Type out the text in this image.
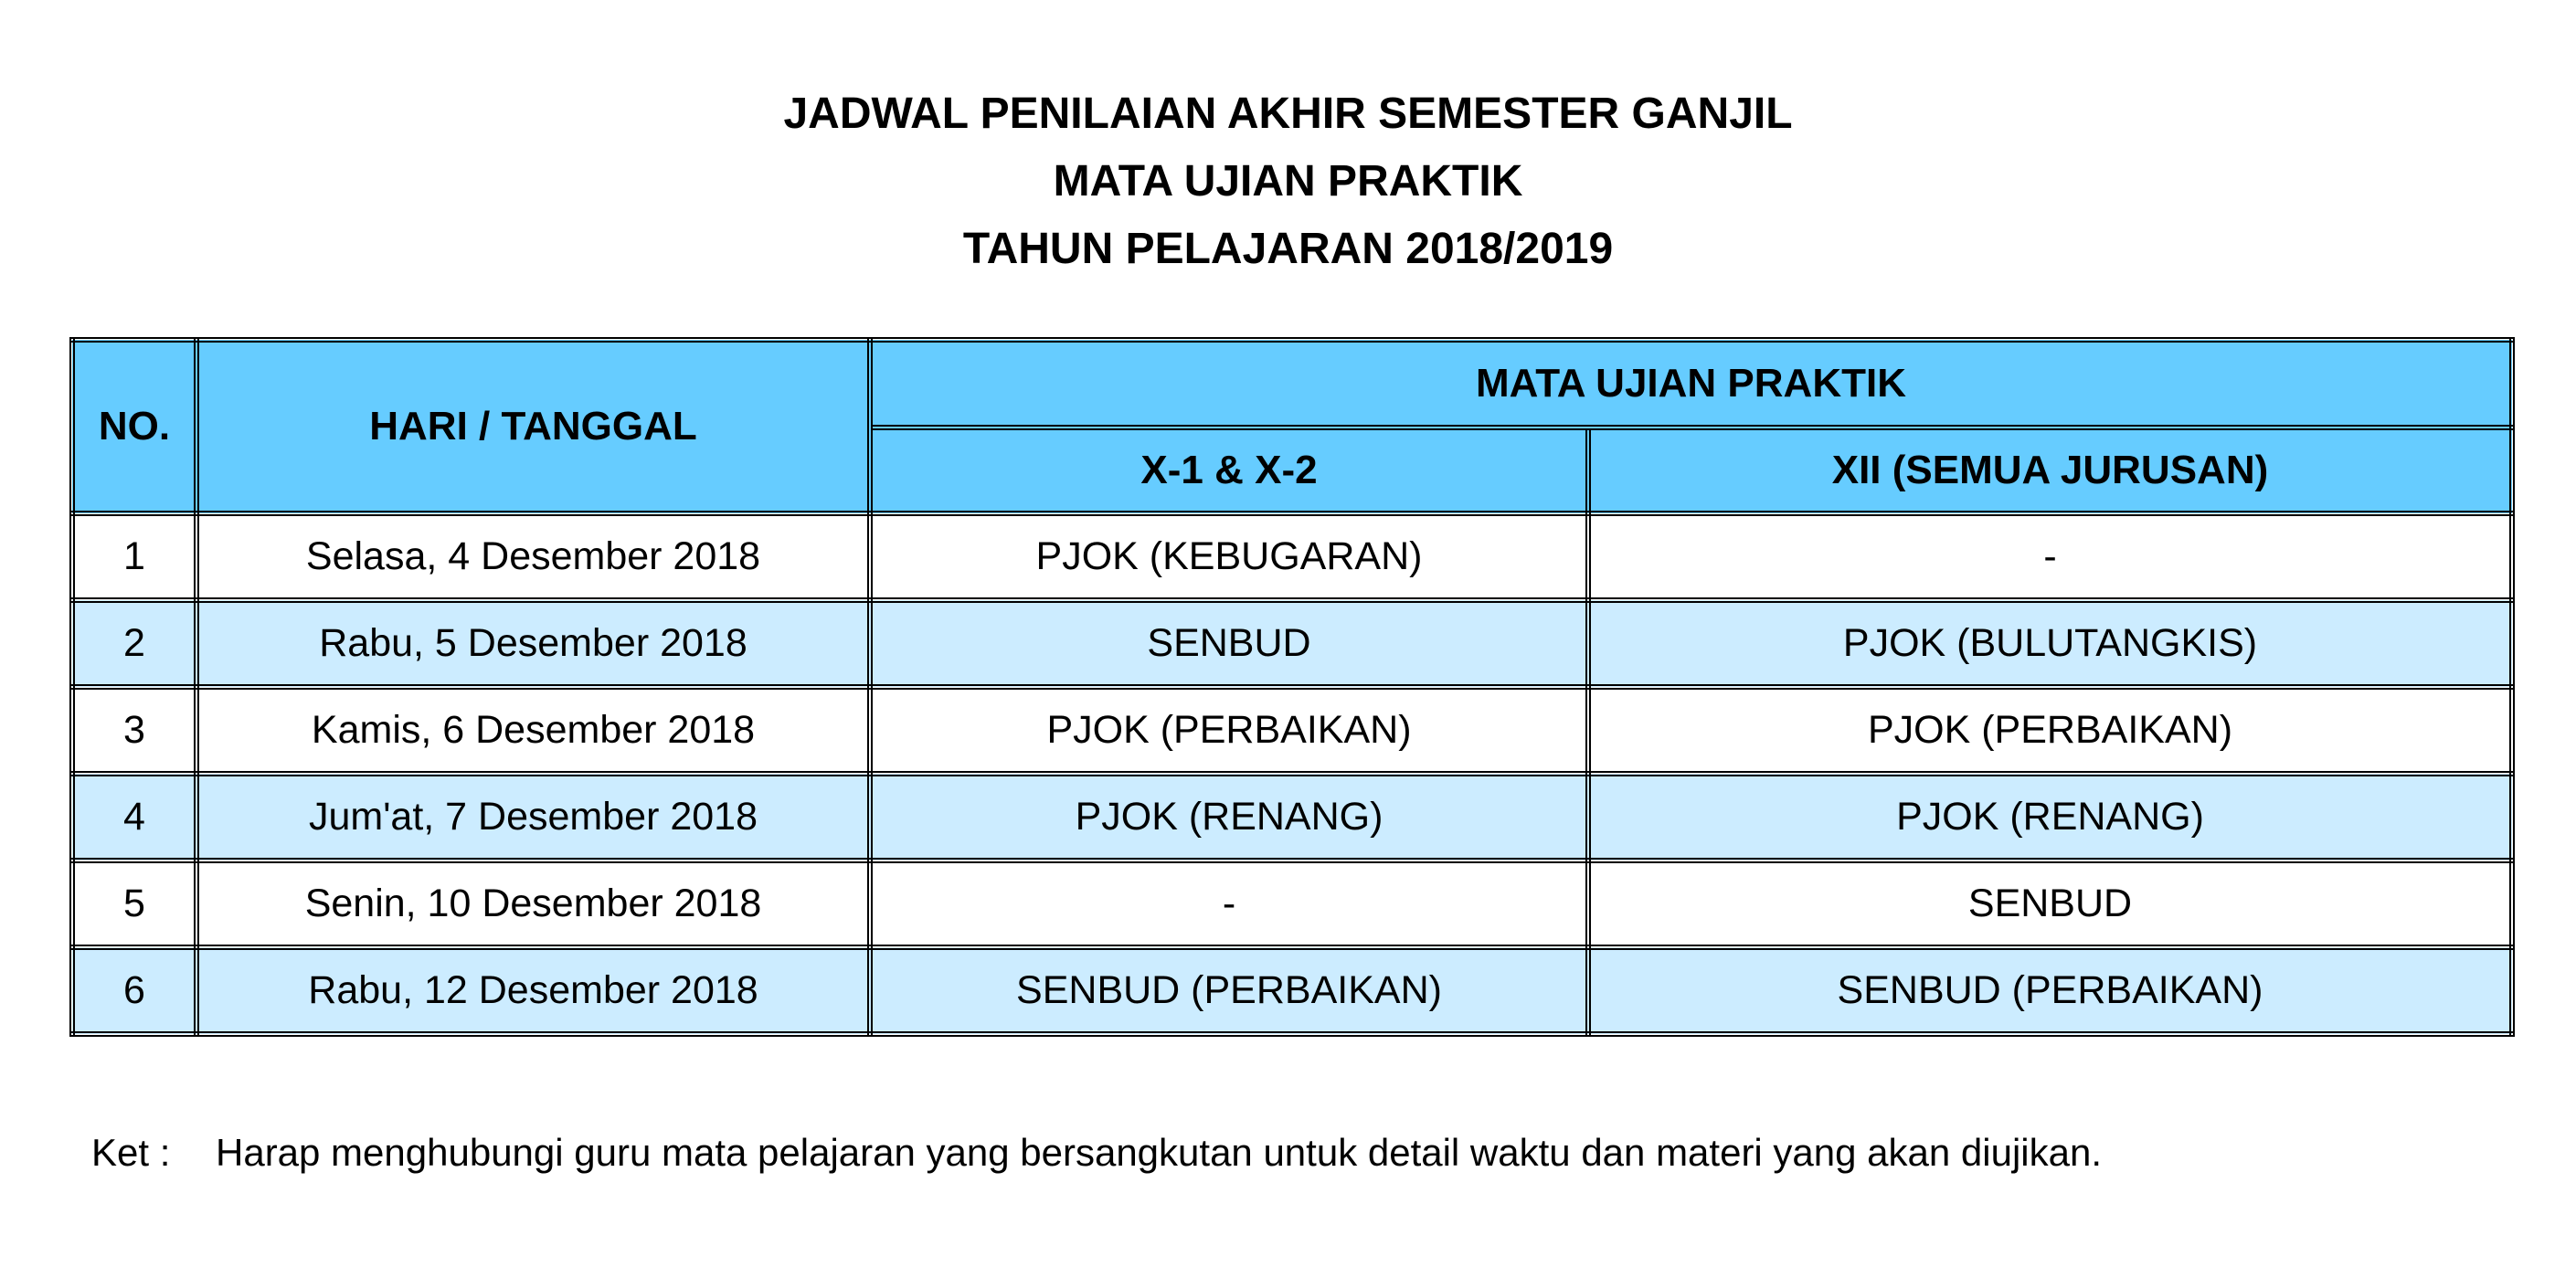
JADWAL PENILAIAN AKHIR SEMESTER GANJIL
MATA UJIAN PRAKTIK
TAHUN PELAJARAN 2018/2019
NO.	HARI / TANGGAL	MATA UJIAN PRAKTIK	
		X-1 & X-2	XII (SEMUA JURUSAN)
1	Selasa, 4 Desember 2018	PJOK (KEBUGARAN)	-
2	Rabu, 5 Desember 2018	SENBUD	PJOK (BULUTANGKIS)
3	Kamis, 6 Desember 2018	PJOK (PERBAIKAN)	PJOK (PERBAIKAN)
4	Jum'at, 7 Desember 2018	PJOK (RENANG)	PJOK (RENANG)
5	Senin, 10 Desember 2018	-	SENBUD
6	Rabu, 12 Desember 2018	SENBUD (PERBAIKAN)	SENBUD (PERBAIKAN)
Ket : Harap menghubungi guru mata pelajaran yang bersangkutan untuk detail waktu dan materi yang akan diujikan.
